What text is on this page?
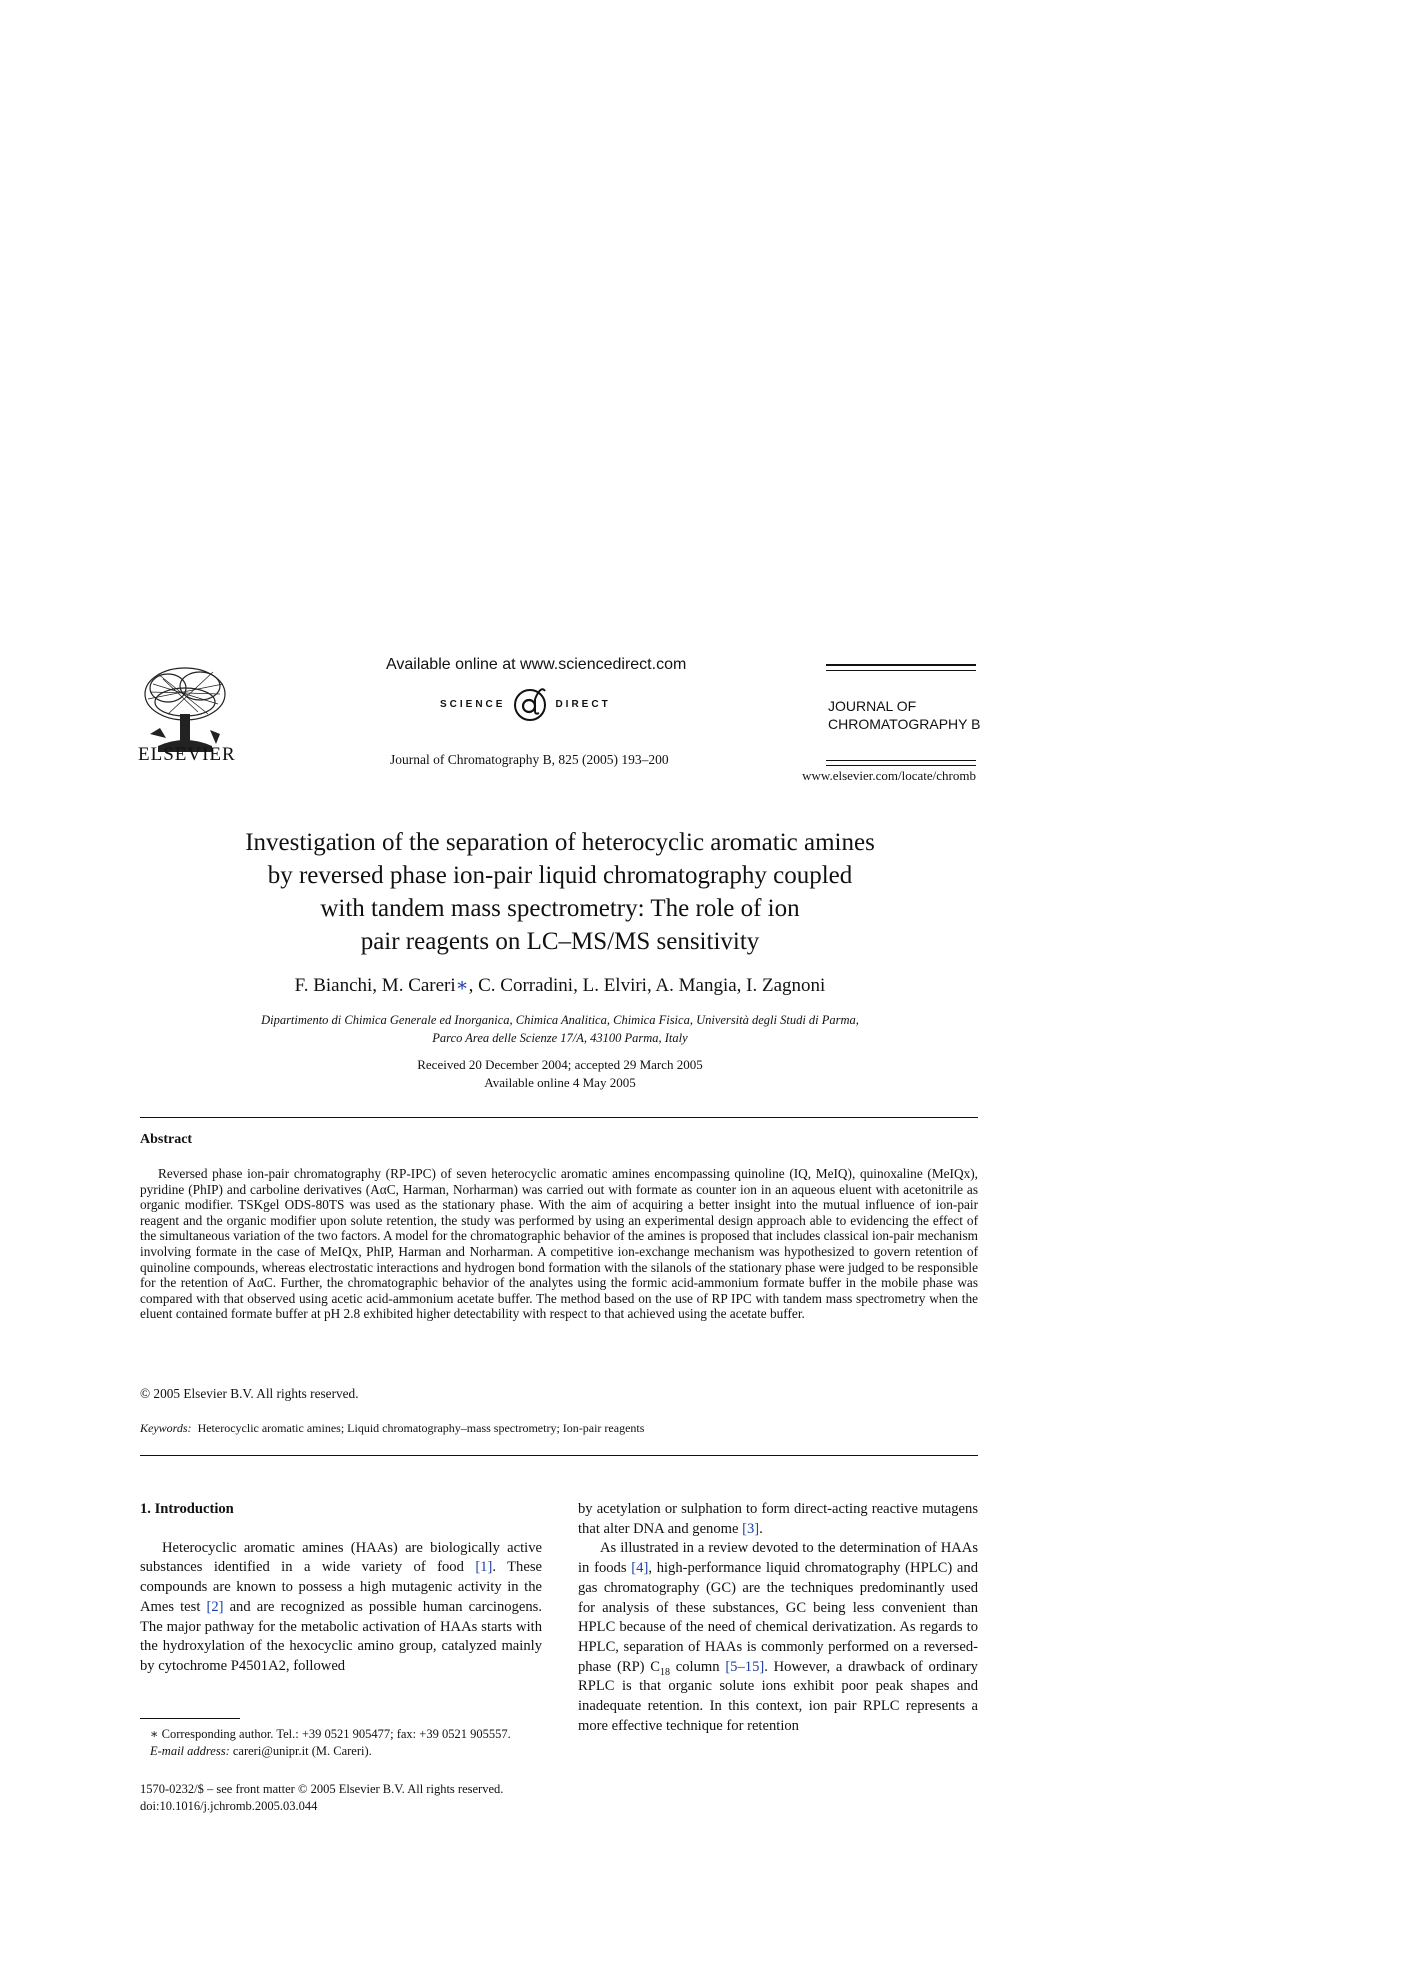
ELSEVIER
Available online at www.sciencedirect.com
SCIENCE	DIRECT
Journal of Chromatography B, 825 (2005) 193–200
JOURNAL OF
CHROMATOGRAPHY B
www.elsevier.com/locate/chromb
Investigation of the separation of heterocyclic aromatic amines
by reversed phase ion-pair liquid chromatography coupled
with tandem mass spectrometry: The role of ion
pair reagents on LC–MS/MS sensitivity
F. Bianchi, M. Careri∗, C. Corradini, L. Elviri, A. Mangia, I. Zagnoni
Dipartimento di Chimica Generale ed Inorganica, Chimica Analitica, Chimica Fisica, Università degli Studi di Parma,
Parco Area delle Scienze 17/A, 43100 Parma, Italy
Received 20 December 2004; accepted 29 March 2005
Available online 4 May 2005
Abstract
Reversed phase ion-pair chromatography (RP-IPC) of seven heterocyclic aromatic amines encompassing quinoline (IQ, MeIQ), quinoxaline (MeIQx), pyridine (PhIP) and carboline derivatives (AαC, Harman, Norharman) was carried out with formate as counter ion in an aqueous eluent with acetonitrile as organic modifier. TSKgel ODS-80TS was used as the stationary phase. With the aim of acquiring a better insight into the mutual influence of ion-pair reagent and the organic modifier upon solute retention, the study was performed by using an experimental design approach able to evidencing the effect of the simultaneous variation of the two factors. A model for the chromatographic behavior of the amines is proposed that includes classical ion-pair mechanism involving formate in the case of MeIQx, PhIP, Harman and Norharman. A competitive ion-exchange mechanism was hypothesized to govern retention of quinoline compounds, whereas electrostatic interactions and hydrogen bond formation with the silanols of the stationary phase were judged to be responsible for the retention of AαC. Further, the chromatographic behavior of the analytes using the formic acid-ammonium formate buffer in the mobile phase was compared with that observed using acetic acid-ammonium acetate buffer. The method based on the use of RP IPC with tandem mass spectrometry when the eluent contained formate buffer at pH 2.8 exhibited higher detectability with respect to that achieved using the acetate buffer.
© 2005 Elsevier B.V. All rights reserved.
Keywords: Heterocyclic aromatic amines; Liquid chromatography–mass spectrometry; Ion-pair reagents
1. Introduction

Heterocyclic aromatic amines (HAAs) are biologically active substances identified in a wide variety of food [1]. These compounds are known to possess a high mutagenic activity in the Ames test [2] and are recognized as possible human carcinogens. The major pathway for the metabolic activation of HAAs starts with the hydroxylation of the hexocyclic amino group, catalyzed mainly by cytochrome P4501A2, followed

by acetylation or sulphation to form direct-acting reactive mutagens that alter DNA and genome [3].

As illustrated in a review devoted to the determination of HAAs in foods [4], high-performance liquid chromatography (HPLC) and gas chromatography (GC) are the techniques predominantly used for analysis of these substances, GC being less convenient than HPLC because of the need of chemical derivatization. As regards to HPLC, separation of HAAs is commonly performed on a reversed-phase (RP) $C_{18}$ column [5–15]. However, a drawback of ordinary RPLC is that organic solute ions exhibit poor peak shapes and inadequate retention. In this context, ion pair RPLC represents a more effective technique for retention

∗ Corresponding author. Tel.: +39 0521 905477; fax: +39 0521 905557.
E-mail address: careri@unipr.it (M. Careri).
1570-0232/$ – see front matter © 2005 Elsevier B.V. All rights reserved.
doi:10.1016/j.jchromb.2005.03.044
